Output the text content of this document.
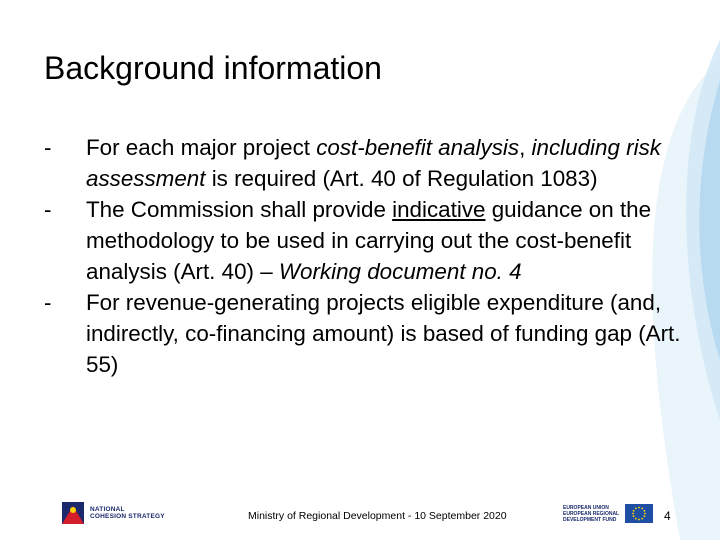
Background information
- For each major project cost-benefit analysis, including risk assessment is required (Art. 40 of Regulation 1083)
- The Commission shall provide indicative guidance on the methodology to be used in carrying out the cost-benefit analysis (Art. 40) – Working document no. 4
- For revenue-generating projects eligible expenditure (and, indirectly, co-financing amount) is based of funding gap (Art. 55)
NATIONAL
COHESION STRATEGY	Ministry of Regional Development - 10 September 2020
EUROPEAN UNION
EUROPEAN REGIONAL
DEVELOPMENT FUND	4
